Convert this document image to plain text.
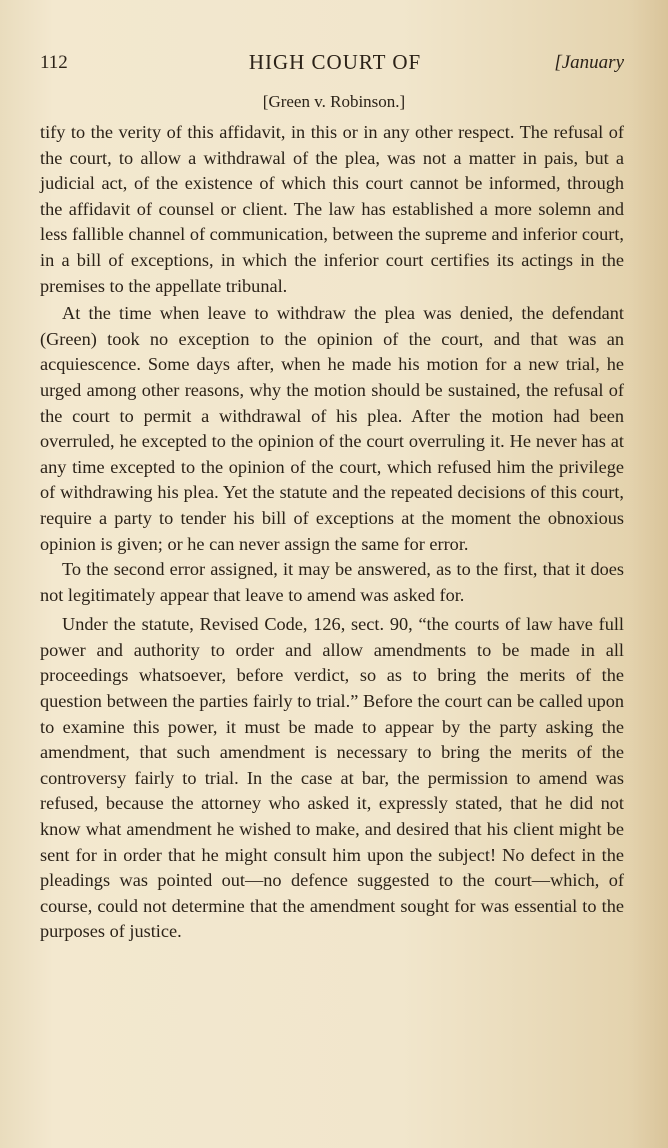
112	HIGH COURT OF	[January
[Green v. Robinson.]

tify to the verity of this affidavit, in this or in any other respect. The refusal of the court, to allow a withdrawal of the plea, was not a matter in pais, but a judicial act, of the existence of which this court cannot be informed, through the affidavit of counsel or client. The law has established a more solemn and less fallible channel of communication, between the supreme and inferior court, in a bill of exceptions, in which the inferior court certifies its actings in the premises to the appellate tribunal.

At the time when leave to withdraw the plea was denied, the defendant (Green) took no exception to the opinion of the court, and that was an acquiescence. Some days after, when he made his motion for a new trial, he urged among other reasons, why the motion should be sustained, the refusal of the court to permit a withdrawal of his plea. After the motion had been overruled, he excepted to the opinion of the court overruling it. He never has at any time excepted to the opinion of the court, which refused him the privilege of withdrawing his plea. Yet the statute and the repeated decisions of this court, require a party to tender his bill of exceptions at the moment the obnoxious opinion is given; or he can never assign the same for error.

To the second error assigned, it may be answered, as to the first, that it does not legitimately appear that leave to amend was asked for.

Under the statute, Revised Code, 126, sect. 90, “the courts of law have full power and authority to order and allow amendments to be made in all proceedings whatsoever, before verdict, so as to bring the merits of the question between the parties fairly to trial.” Before the court can be called upon to examine this power, it must be made to appear by the party asking the amendment, that such amendment is necessary to bring the merits of the controversy fairly to trial. In the case at bar, the permission to amend was refused, because the attorney who asked it, expressly stated, that he did not know what amendment he wished to make, and desired that his client might be sent for in order that he might consult him upon the subject! No defect in the pleadings was pointed out—no defence suggested to the court—which, of course, could not determine that the amendment sought for was essential to the purposes of justice.
